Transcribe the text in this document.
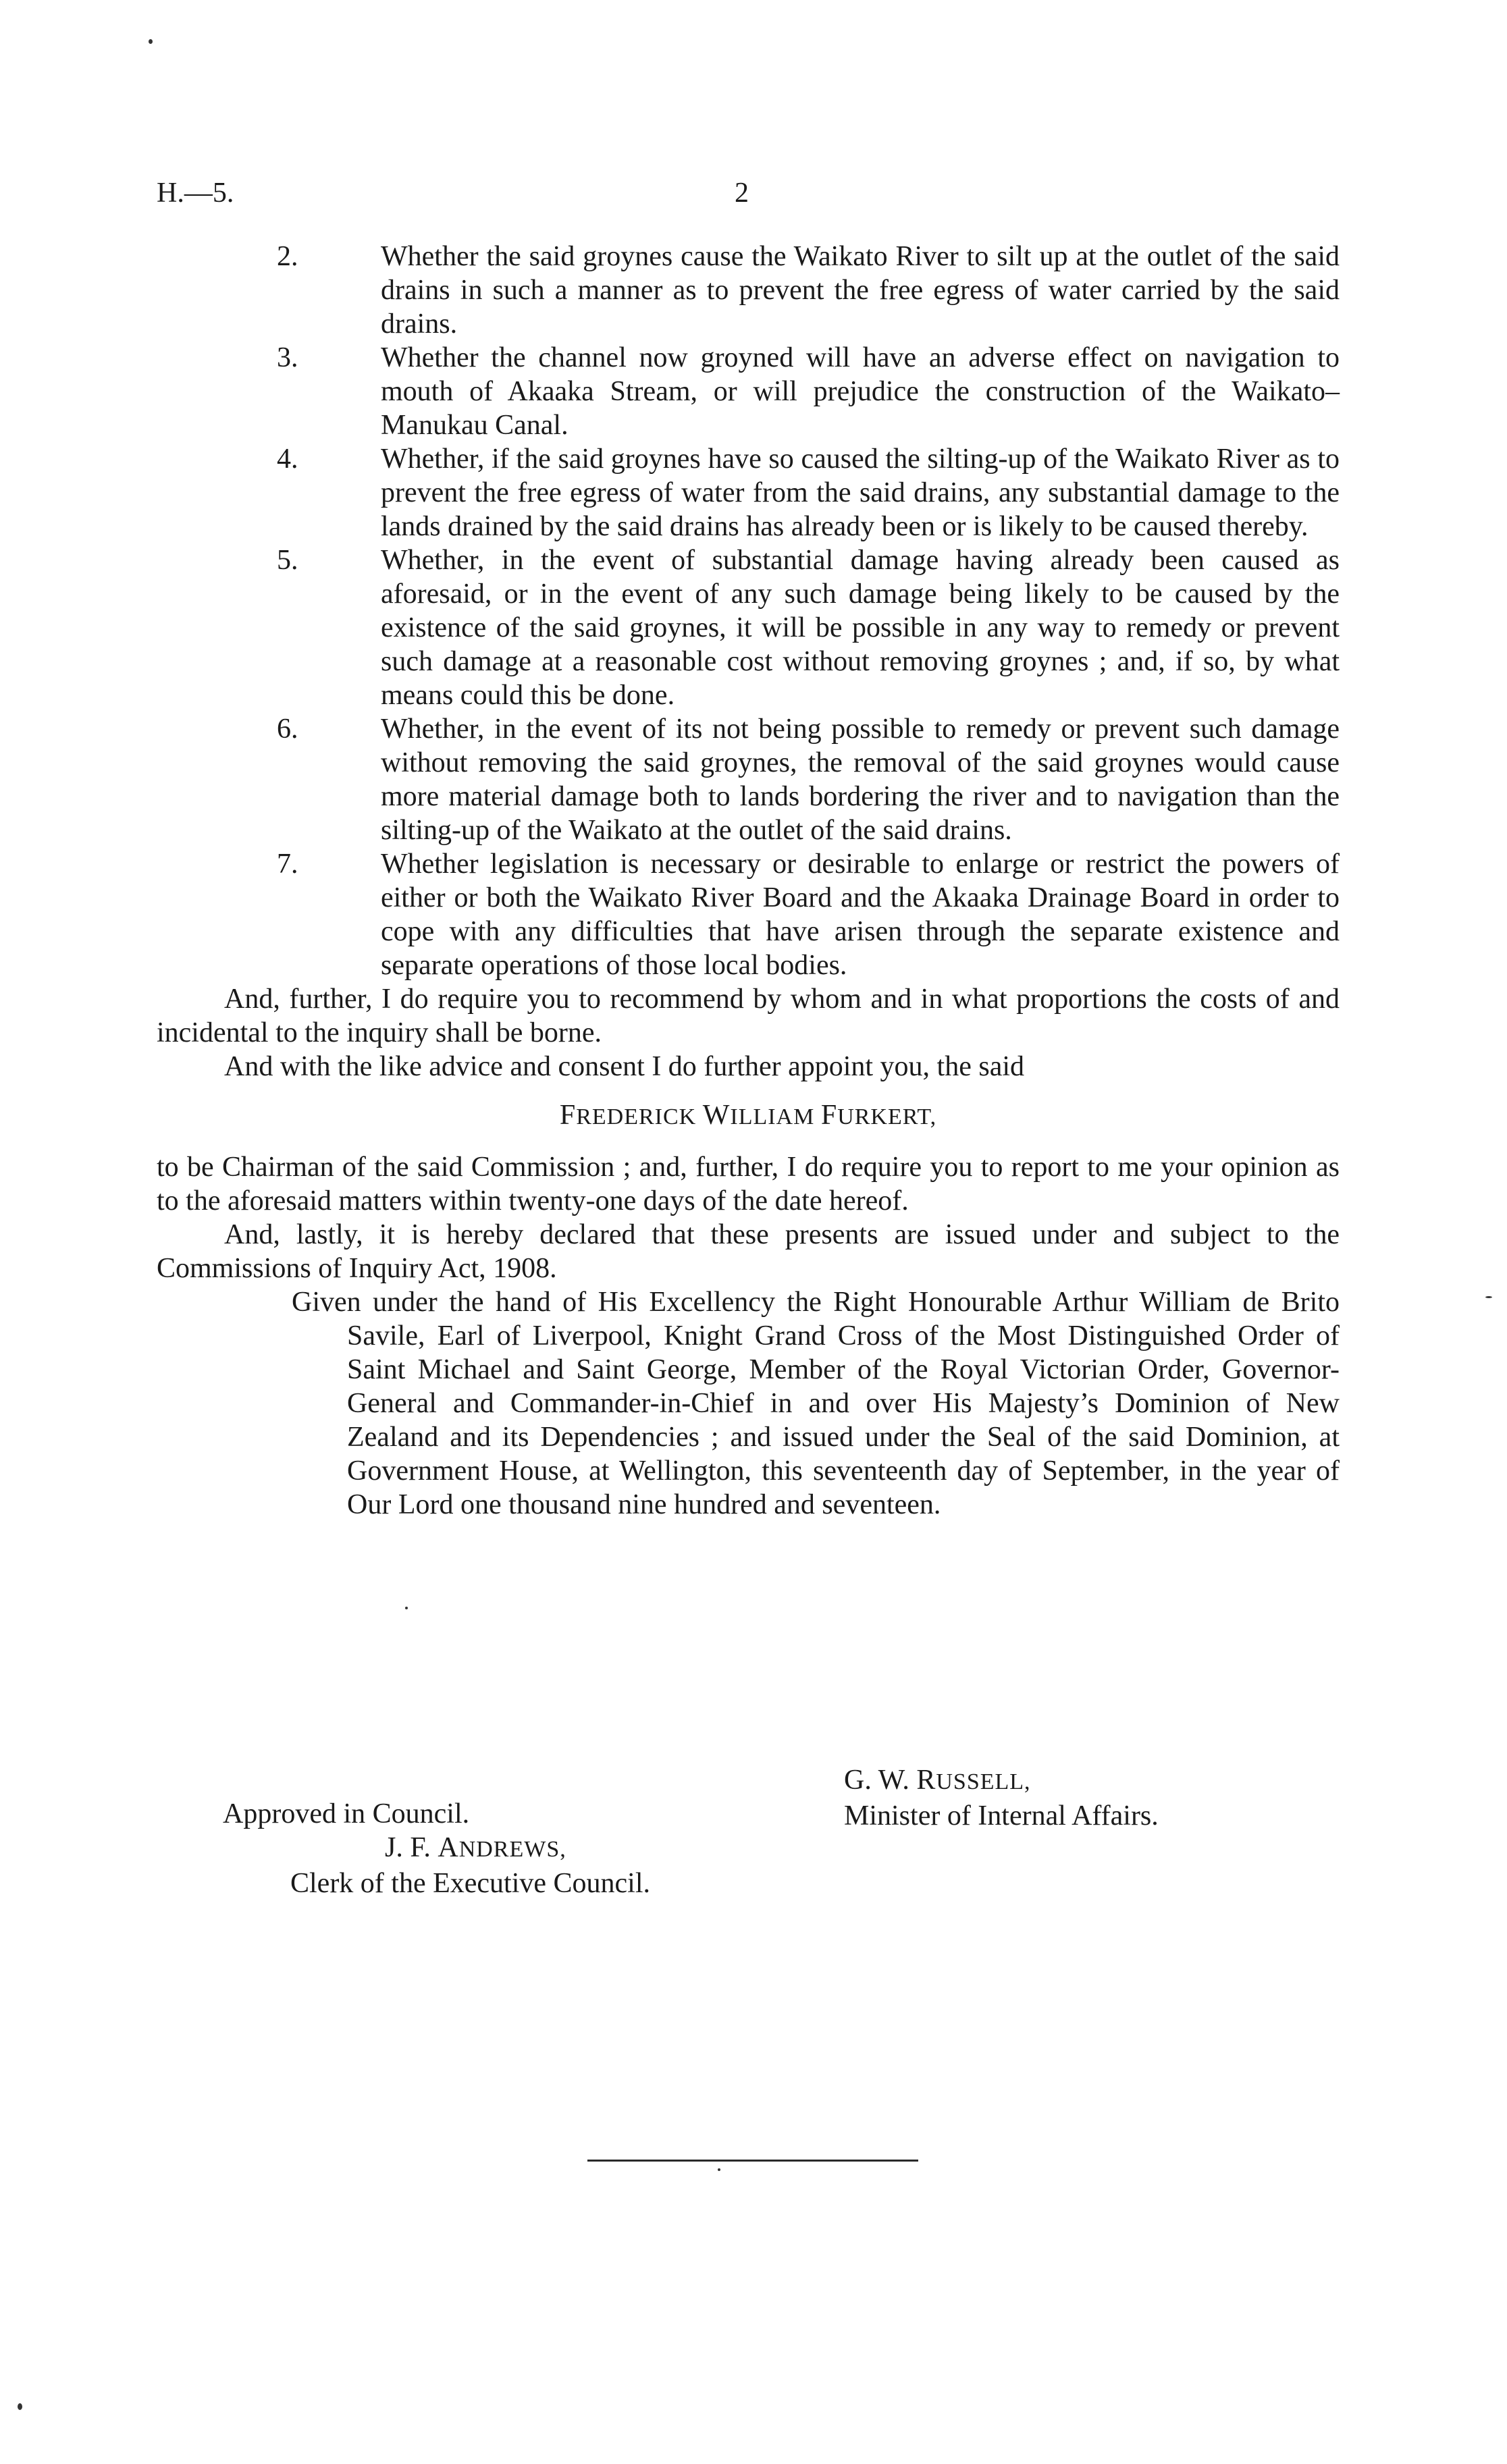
H.—5.	2
2.	Whether the said groynes cause the Waikato River to silt up at the outlet of the said drains in such a manner as to prevent the free egress of water carried by the said drains.
3.	Whether the channel now groyned will have an adverse effect on navigation to mouth of Akaaka Stream, or will prejudice the construction of the Waikato–Manukau Canal.
4.	Whether, if the said groynes have so caused the silting-up of the Waikato River as to prevent the free egress of water from the said drains, any substantial damage to the lands drained by the said drains has already been or is likely to be caused thereby.
5.	Whether, in the event of substantial damage having already been caused as aforesaid, or in the event of any such damage being likely to be caused by the existence of the said groynes, it will be possible in any way to remedy or prevent such damage at a reasonable cost without removing groynes ; and, if so, by what means could this be done.
6.	Whether, in the event of its not being possible to remedy or prevent such damage without removing the said groynes, the removal of the said groynes would cause more material damage both to lands bordering the river and to navigation than the silting-up of the Waikato at the outlet of the said drains.
7.	Whether legislation is necessary or desirable to enlarge or restrict the powers of either or both the Waikato River Board and the Akaaka Drainage Board in order to cope with any difficulties that have arisen through the separate existence and separate operations of those local bodies.

And, further, I do require you to recommend by whom and in what proportions the costs of and incidental to the inquiry shall be borne.

And with the like advice and consent I do further appoint you, the said

FREDERICK WILLIAM FURKERT,

to be Chairman of the said Commission ; and, further, I do require you to report to me your opinion as to the aforesaid matters within twenty-one days of the date hereof.

And, lastly, it is hereby declared that these presents are issued under and subject to the Commissions of Inquiry Act, 1908.

Given under the hand of His Excellency the Right Honourable Arthur William de Brito Savile, Earl of Liverpool, Knight Grand Cross of the Most Distinguished Order of Saint Michael and Saint George, Member of the Royal Victorian Order, Governor-General and Commander-in-Chief in and over His Majesty’s Dominion of New Zealand and its Dependencies ; and issued under the Seal of the said Dominion, at Government House, at Wellington, this seventeenth day of September, in the year of Our Lord one thousand nine hundred and seventeen.

G. W. RUSSELL,
Minister of Internal Affairs.
Approved in Council.
J. F. ANDREWS,
Clerk of the Executive Council.
